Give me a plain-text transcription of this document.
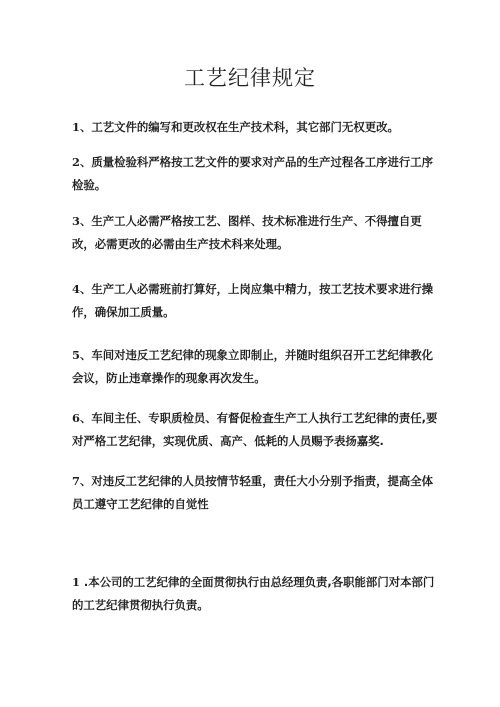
工艺纪律规定

1、工艺文件的编写和更改权在生产技术科，其它部门无权更改。

2、质量检验科严格按工艺文件的要求对产品的生产过程各工序进行工序检验。

3、生产工人必需严格按工艺、图样、技术标准进行生产、不得擅自更改，必需更改的必需由生产技术科来处理。

4、生产工人必需班前打算好，上岗应集中精力，按工艺技术要求进行操作，确保加工质量。

5、车间对违反工艺纪律的现象立即制止，并随时组织召开工艺纪律教化会议，防止违章操作的现象再次发生。

6、车间主任、专职质检员、有督促检查生产工人执行工艺纪律的责任,要对严格工艺纪律，实现优质、高产、低耗的人员赐予表扬嘉奖.

7、对违反工艺纪律的人员按情节轻重，责任大小分别予指责，提高全体员工遵守工艺纪律的自觉性

1 .本公司的工艺纪律的全面贯彻执行由总经理负责,各职能部门对本部门的工艺纪律贯彻执行负责。
